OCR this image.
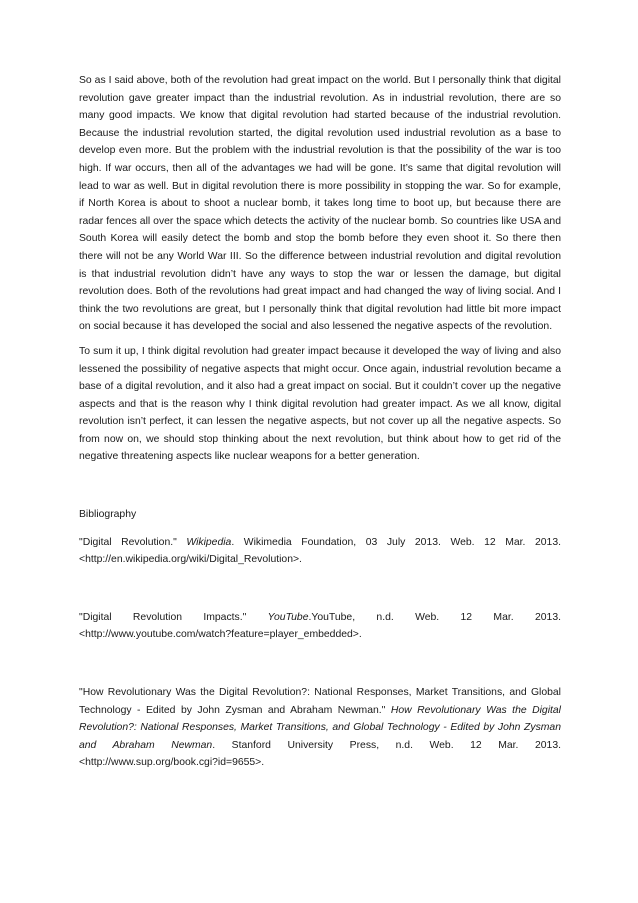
So as I said above, both of the revolution had great impact on the world. But I personally think that digital revolution gave greater impact than the industrial revolution. As in industrial revolution, there are so many good impacts. We know that digital revolution had started because of the industrial revolution. Because the industrial revolution started, the digital revolution used industrial revolution as a base to develop even more. But the problem with the industrial revolution is that the possibility of the war is too high. If war occurs, then all of the advantages we had will be gone. It’s same that digital revolution will lead to war as well. But in digital revolution there is more possibility in stopping the war. So for example, if North Korea is about to shoot a nuclear bomb, it takes long time to boot up, but because there are radar fences all over the space which detects the activity of the nuclear bomb. So countries like USA and South Korea will easily detect the bomb and stop the bomb before they even shoot it. So there then there will not be any World War III. So the difference between industrial revolution and digital revolution is that industrial revolution didn’t have any ways to stop the war or lessen the damage, but digital revolution does. Both of the revolutions had great impact and had changed the way of living social. And I think the two revolutions are great, but I personally think that digital revolution had little bit more impact on social because it has developed the social and also lessened the negative aspects of the revolution.

To sum it up, I think digital revolution had greater impact because it developed the way of living and also lessened the possibility of negative aspects that might occur. Once again, industrial revolution became a base of a digital revolution, and it also had a great impact on social. But it couldn’t cover up the negative aspects and that is the reason why I think digital revolution had greater impact. As we all know, digital revolution isn’t perfect, it can lessen the negative aspects, but not cover up all the negative aspects. So from now on, we should stop thinking about the next revolution, but think about how to get rid of the negative threatening aspects like nuclear weapons for a better generation.

Bibliography

"Digital Revolution." Wikipedia. Wikimedia Foundation, 03 July 2013. Web. 12 Mar. 2013. <http://en.wikipedia.org/wiki/Digital_Revolution>.

"Digital Revolution Impacts." YouTube.YouTube, n.d. Web. 12 Mar. 2013. <http://www.youtube.com/watch?feature=player_embedded>.

"How Revolutionary Was the Digital Revolution?: National Responses, Market Transitions, and Global Technology - Edited by John Zysman and Abraham Newman." How Revolutionary Was the Digital Revolution?: National Responses, Market Transitions, and Global Technology - Edited by John Zysman and Abraham Newman. Stanford University Press, n.d. Web. 12 Mar. 2013. <http://www.sup.org/book.cgi?id=9655>.
